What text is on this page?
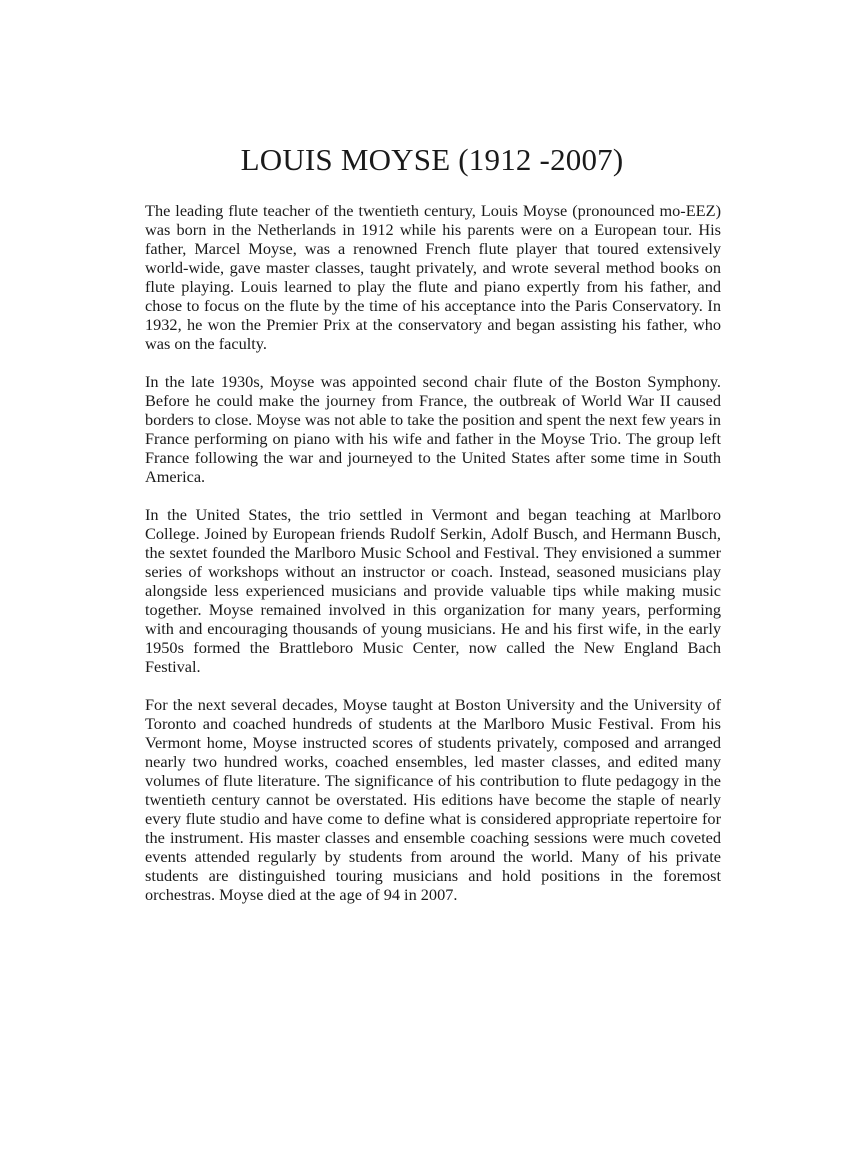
LOUIS MOYSE (1912 -2007)

The leading flute teacher of the twentieth century, Louis Moyse (pronounced mo-EEZ) was born in the Netherlands in 1912 while his parents were on a European tour. His father, Marcel Moyse, was a renowned French flute player that toured extensively world-wide, gave master classes, taught privately, and wrote several method books on flute playing. Louis learned to play the flute and piano expertly from his father, and chose to focus on the flute by the time of his acceptance into the Paris Conservatory. In 1932, he won the Premier Prix at the conservatory and began assisting his father, who was on the faculty.

In the late 1930s, Moyse was appointed second chair flute of the Boston Symphony. Before he could make the journey from France, the outbreak of World War II caused borders to close. Moyse was not able to take the position and spent the next few years in France performing on piano with his wife and father in the Moyse Trio. The group left France following the war and journeyed to the United States after some time in South America.

In the United States, the trio settled in Vermont and began teaching at Marlboro College. Joined by European friends Rudolf Serkin, Adolf Busch, and Hermann Busch, the sextet founded the Marlboro Music School and Festival. They envisioned a summer series of workshops without an instructor or coach. Instead, seasoned musicians play alongside less experienced musicians and provide valuable tips while making music together. Moyse remained involved in this organization for many years, performing with and encouraging thousands of young musicians. He and his first wife, in the early 1950s formed the Brattleboro Music Center, now called the New England Bach Festival.

For the next several decades, Moyse taught at Boston University and the University of Toronto and coached hundreds of students at the Marlboro Music Festival. From his Vermont home, Moyse instructed scores of students privately, composed and arranged nearly two hundred works, coached ensembles, led master classes, and edited many volumes of flute literature. The significance of his contribution to flute pedagogy in the twentieth century cannot be overstated. His editions have become the staple of nearly every flute studio and have come to define what is considered appropriate repertoire for the instrument. His master classes and ensemble coaching sessions were much coveted events attended regularly by students from around the world. Many of his private students are distinguished touring musicians and hold positions in the foremost orchestras. Moyse died at the age of 94 in 2007.
